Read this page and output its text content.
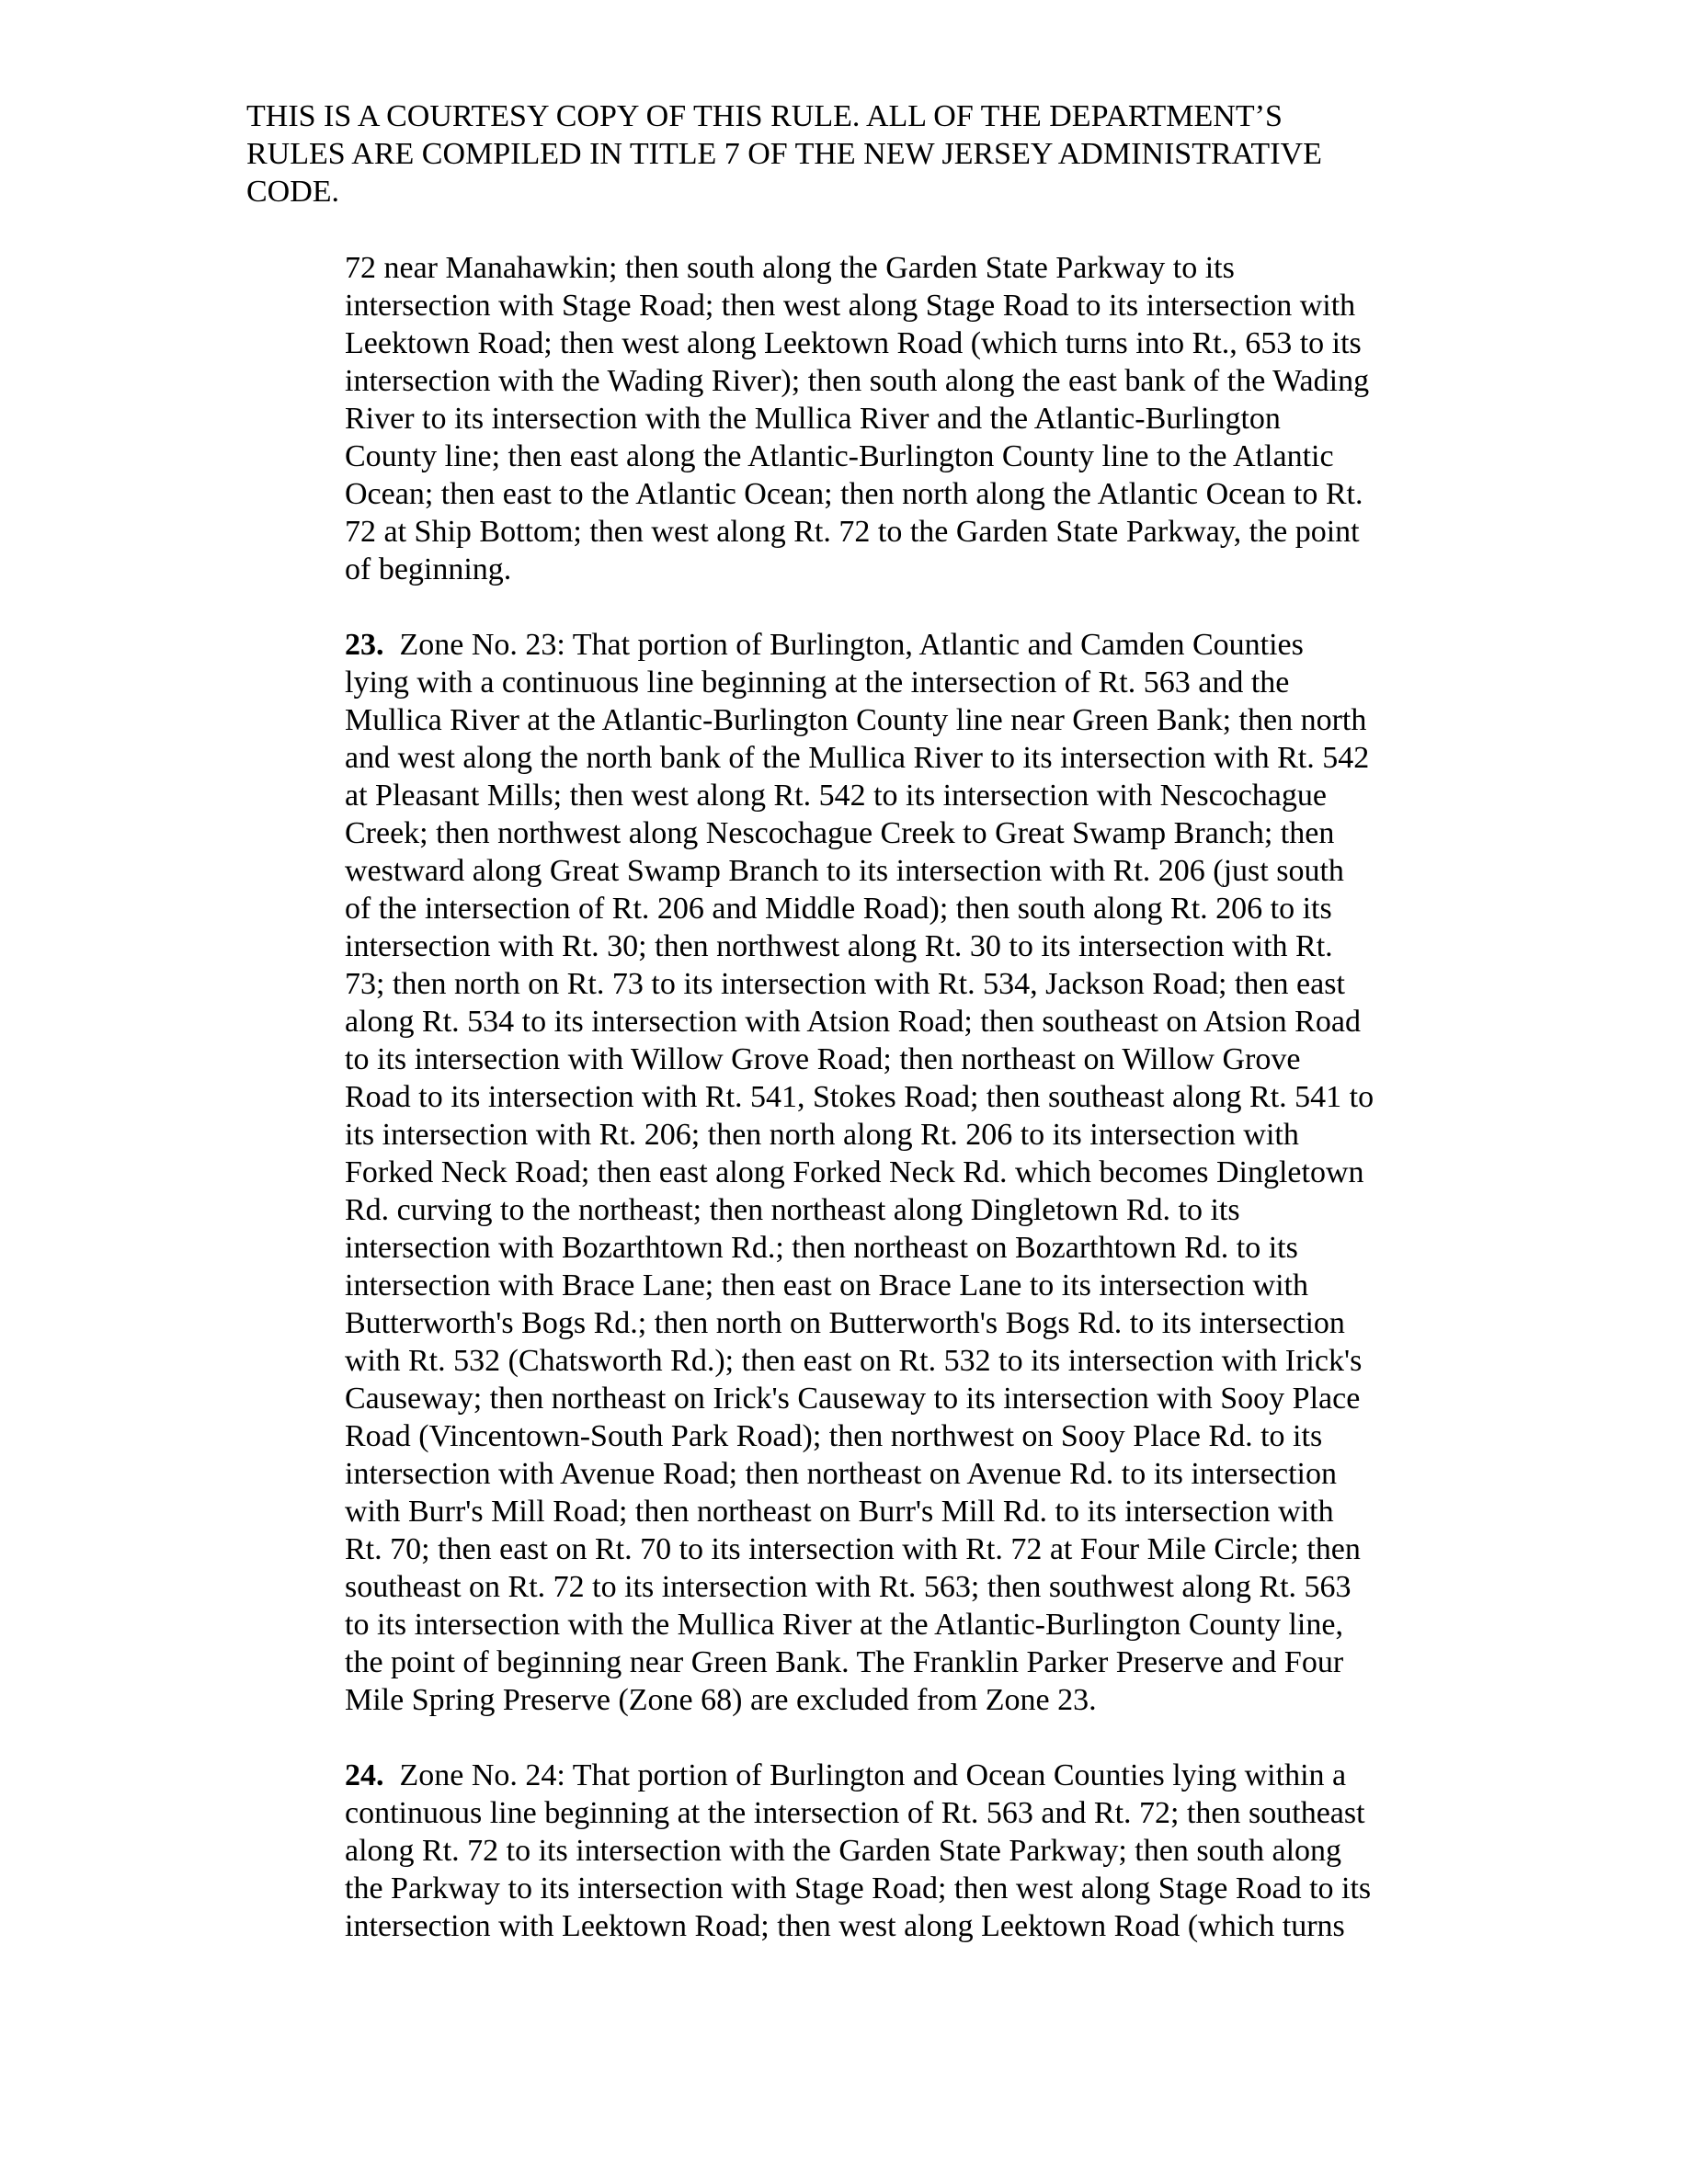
THIS IS A COURTESY COPY OF THIS RULE. ALL OF THE DEPARTMENT’S

RULES ARE COMPILED IN TITLE 7 OF THE NEW JERSEY ADMINISTRATIVE

CODE.

72 near Manahawkin; then south along the Garden State Parkway to its
intersection with Stage Road; then west along Stage Road to its intersection with
Leektown Road; then west along Leektown Road (which turns into Rt., 653 to its
intersection with the Wading River); then south along the east bank of the Wading
River to its intersection with the Mullica River and the Atlantic-Burlington
County line; then east along the Atlantic-Burlington County line to the Atlantic
Ocean; then east to the Atlantic Ocean; then north along the Atlantic Ocean to Rt.
72 at Ship Bottom; then west along Rt. 72 to the Garden State Parkway, the point
of beginning.
23.  Zone No. 23: That portion of Burlington, Atlantic and Camden Counties
lying with a continuous line beginning at the intersection of Rt. 563 and the
Mullica River at the Atlantic-Burlington County line near Green Bank; then north
and west along the north bank of the Mullica River to its intersection with Rt. 542
at Pleasant Mills; then west along Rt. 542 to its intersection with Nescochague
Creek; then northwest along Nescochague Creek to Great Swamp Branch; then
westward along Great Swamp Branch to its intersection with Rt. 206 (just south
of the intersection of Rt. 206 and Middle Road); then south along Rt. 206 to its
intersection with Rt. 30; then northwest along Rt. 30 to its intersection with Rt.
73; then north on Rt. 73 to its intersection with Rt. 534, Jackson Road; then east
along Rt. 534 to its intersection with Atsion Road; then southeast on Atsion Road
to its intersection with Willow Grove Road; then northeast on Willow Grove
Road to its intersection with Rt. 541, Stokes Road; then southeast along Rt. 541 to
its intersection with Rt. 206; then north along Rt. 206 to its intersection with
Forked Neck Road; then east along Forked Neck Rd. which becomes Dingletown
Rd. curving to the northeast; then northeast along Dingletown Rd. to its
intersection with Bozarthtown Rd.; then northeast on Bozarthtown Rd. to its
intersection with Brace Lane; then east on Brace Lane to its intersection with
Butterworth's Bogs Rd.; then north on Butterworth's Bogs Rd. to its intersection
with Rt. 532 (Chatsworth Rd.); then east on Rt. 532 to its intersection with Irick's
Causeway; then northeast on Irick's Causeway to its intersection with Sooy Place
Road (Vincentown-South Park Road); then northwest on Sooy Place Rd. to its
intersection with Avenue Road; then northeast on Avenue Rd. to its intersection
with Burr's Mill Road; then northeast on Burr's Mill Rd. to its intersection with
Rt. 70; then east on Rt. 70 to its intersection with Rt. 72 at Four Mile Circle; then
southeast on Rt. 72 to its intersection with Rt. 563; then southwest along Rt. 563
to its intersection with the Mullica River at the Atlantic-Burlington County line,
the point of beginning near Green Bank. The Franklin Parker Preserve and Four
Mile Spring Preserve (Zone 68) are excluded from Zone 23.
24.  Zone No. 24: That portion of Burlington and Ocean Counties lying within a
continuous line beginning at the intersection of Rt. 563 and Rt. 72; then southeast
along Rt. 72 to its intersection with the Garden State Parkway; then south along
the Parkway to its intersection with Stage Road; then west along Stage Road to its
intersection with Leektown Road; then west along Leektown Road (which turns
